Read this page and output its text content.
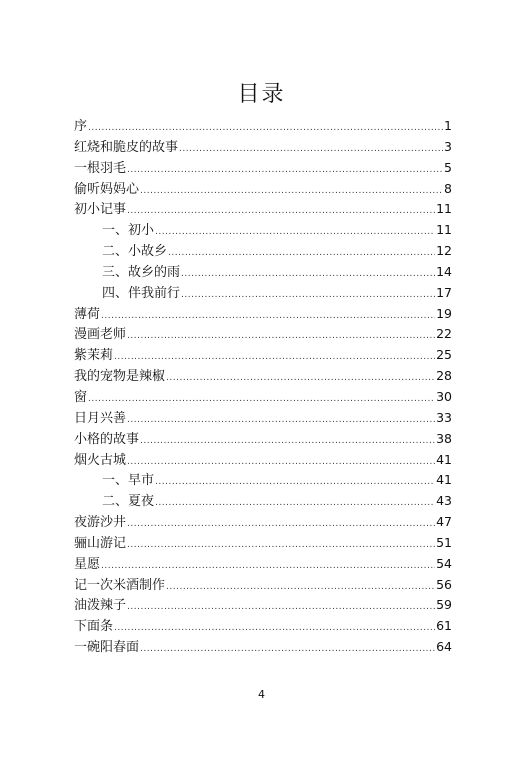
目录
序 .....	1
红烧和脆皮的故事 .....	3
一根羽毛 .....	5
偷听妈妈心 .....	8
初小记事 .....	11
一、初小 .....	11
二、小故乡 .....	12
三、故乡的雨 .....	14
四、伴我前行 .....	17
薄荷 .....	19
漫画老师 .....	22
紫茉莉 .....	25
我的宠物是辣椒 .....	28
窗 .....	30
日月兴善 .....	33
小格的故事 .....	38
烟火古城 .....	41
一、早市 .....	41
二、夏夜 .....	43
夜游沙井 .....	47
骊山游记 .....	51
星愿 .....	54
记一次米酒制作 .....	56
油泼辣子 .....	59
下面条 .....	61
一碗阳春面 .....	64
4
